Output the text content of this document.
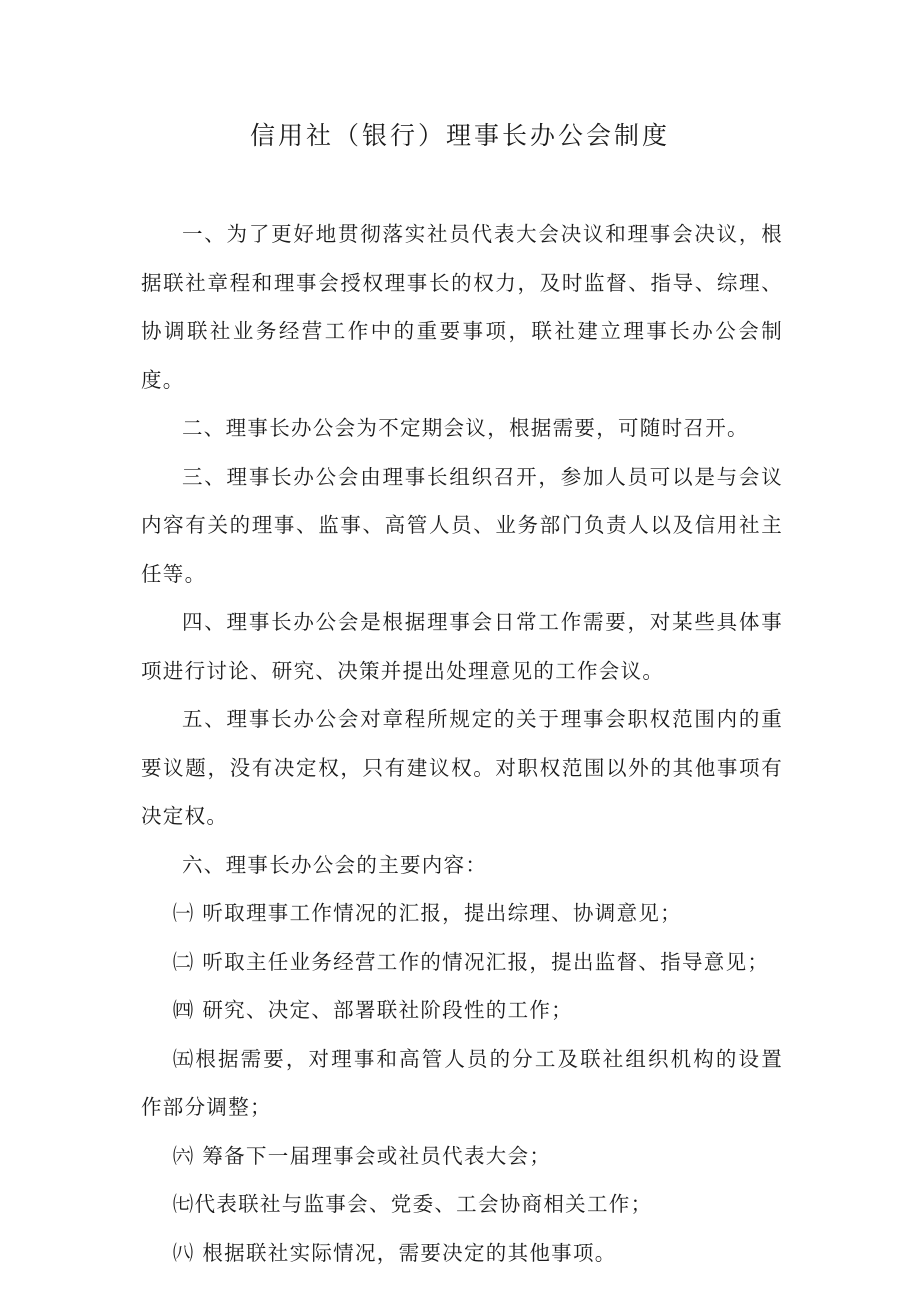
信用社（银行）理事长办公会制度

一、为了更好地贯彻落实社员代表大会决议和理事会决议，根据联社章程和理事会授权理事长的权力，及时监督、指导、综理、协调联社业务经营工作中的重要事项，联社建立理事长办公会制度。

二、理事长办公会为不定期会议，根据需要，可随时召开。

三、理事长办公会由理事长组织召开，参加人员可以是与会议内容有关的理事、监事、高管人员、业务部门负责人以及信用社主任等。

四、理事长办公会是根据理事会日常工作需要，对某些具体事项进行讨论、研究、决策并提出处理意见的工作会议。

五、理事长办公会对章程所规定的关于理事会职权范围内的重要议题，没有决定权，只有建议权。对职权范围以外的其他事项有决定权。

六、理事长办公会的主要内容：

㈠ 听取理事工作情况的汇报，提出综理、协调意见；

㈡ 听取主任业务经营工作的情况汇报，提出监督、指导意见；

㈣ 研究、决定、部署联社阶段性的工作；

㈤根据需要，对理事和高管人员的分工及联社组织机构的设置作部分调整；

㈥ 筹备下一届理事会或社员代表大会；

㈦代表联社与监事会、党委、工会协商相关工作；

㈧ 根据联社实际情况，需要决定的其他事项。
